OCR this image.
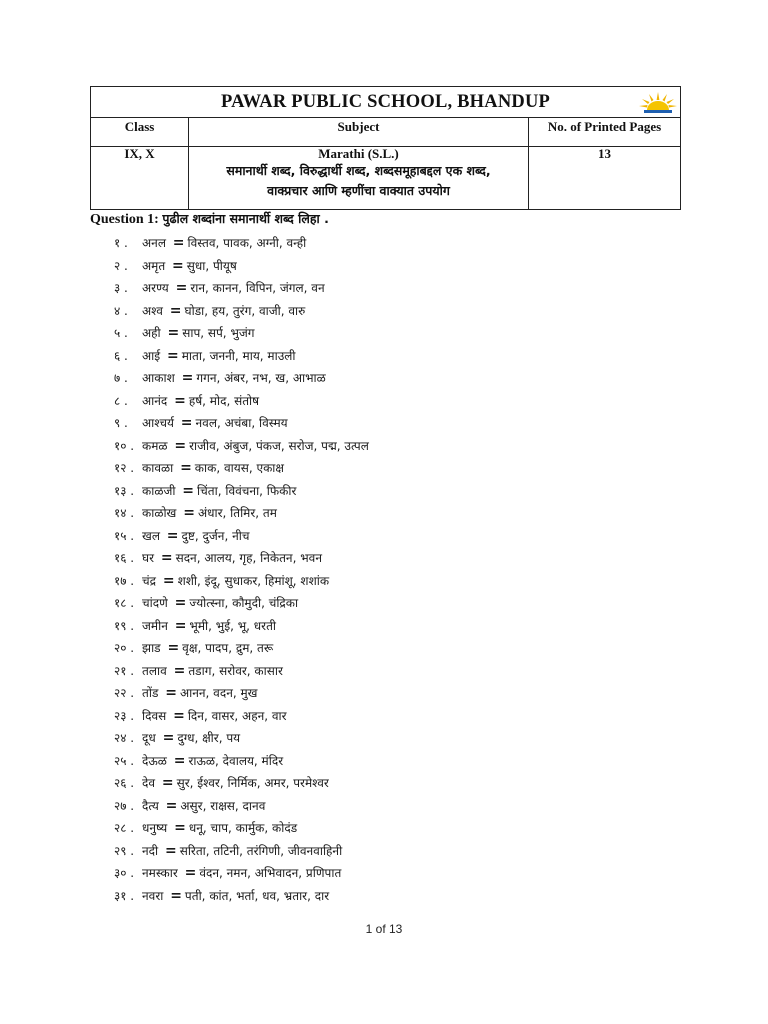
PAWAR PUBLIC SCHOOL, BHANDUP		

Class	Subject	No. of Printed Pages

IX, X	Marathi (S.L.)
समानार्थी शब्द, विरुद्धार्थी शब्द, शब्दसमूहाबद्दल एक शब्द,
वाक्प्रचार आणि म्हणींचा वाक्यात उपयोग	13
Question 1: पुढील शब्दांना समानार्थी शब्द लिहा .
१ . अनल = विस्तव, पावक, अग्नी, वन्ही
२ . अमृत = सुधा, पीयूष
३ . अरण्य = रान, कानन, विपिन, जंगल, वन
४ . अश्व = घोडा, हय, तुरंग, वाजी, वारु
५ . अही = साप, सर्प, भुजंग
६ . आई = माता, जननी, माय, माउली
७ . आकाश = गगन, अंबर, नभ, ख, आभाळ
८ . आनंद = हर्ष, मोद, संतोष
९ . आश्चर्य = नवल, अचंबा, विस्मय
१० . कमळ = राजीव, अंबुज, पंकज, सरोज, पद्म, उत्पल
१२ . कावळा = काक, वायस, एकाक्ष
१३ . काळजी = चिंता, विवंचना, फिकीर
१४ . काळोख = अंधार, तिमिर, तम
१५ . खल = दुष्ट, दुर्जन, नीच
१६ . घर = सदन, आलय, गृह, निकेतन, भवन
१७ . चंद्र = शशी, इंदू, सुधाकर, हिमांशू, शशांक
१८ . चांदणे = ज्योत्स्ना, कौमुदी, चंद्रिका
१९ . जमीन = भूमी, भुई, भू, धरती
२० . झाड = वृक्ष, पादप, द्रुम, तरू
२१ . तलाव = तडाग, सरोवर, कासार
२२ . तोंड = आनन, वदन, मुख
२३ . दिवस = दिन, वासर, अहन, वार
२४ . दूध = दुग्ध, क्षीर, पय
२५ . देऊळ = राऊळ, देवालय, मंदिर
२६ . देव = सुर, ईश्वर, निर्मिक, अमर, परमेश्वर
२७ . दैत्य = असुर, राक्षस, दानव
२८ . धनुष्य = धनू, चाप, कार्मुक, कोदंड
२९ . नदी = सरिता, तटिनी, तरंगिणी, जीवनवाहिनी
३० . नमस्कार = वंदन, नमन, अभिवादन, प्रणिपात
३१ . नवरा = पती, कांत, भर्ता, धव, भ्रतार, दार
1 of 13
